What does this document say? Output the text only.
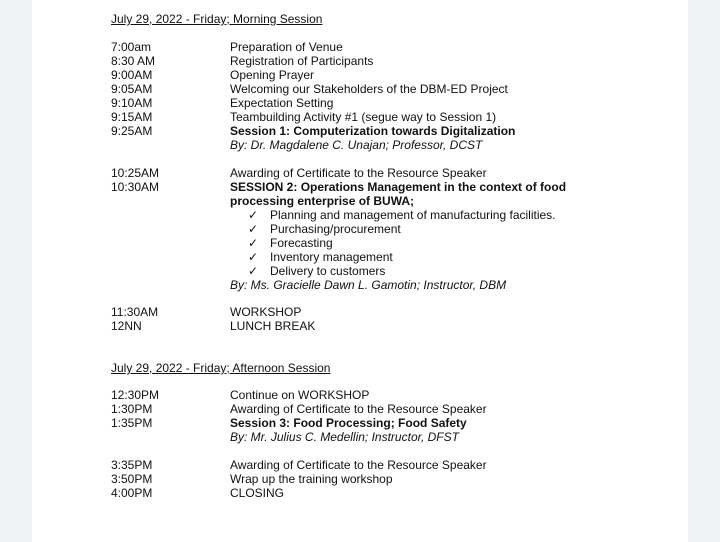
July 29, 2022 - Friday; Morning Session
7:00am	Preparation of Venue
8:30 AM	Registration of Participants
9:00AM	Opening Prayer
9:05AM	Welcoming our Stakeholders of the DBM-ED Project
9:10AM	Expectation Setting
9:15AM	Teambuilding Activity #1 (segue way to Session 1)
9:25AM	Session 1: Computerization towards Digitalization
By: Dr. Magdalene C. Unajan; Professor, DCST
10:25AM	Awarding of Certificate to the Resource Speaker
10:30AM	SESSION 2: Operations Management in the context of food
processing enterprise of BUWA;
✓ Planning and management of manufacturing facilities.
✓ Purchasing/procurement
✓ Forecasting
✓ Inventory management
✓ Delivery to customers
By: Ms. Gracielle Dawn L. Gamotin; Instructor, DBM
11:30AM	WORKSHOP
12NN	LUNCH BREAK
July 29, 2022 - Friday; Afternoon Session
12:30PM	Continue on WORKSHOP
1:30PM	Awarding of Certificate to the Resource Speaker
1:35PM	Session 3: Food Processing; Food Safety
By: Mr. Julius C. Medellin; Instructor, DFST
3:35PM	Awarding of Certificate to the Resource Speaker
3:50PM	Wrap up the training workshop
4:00PM	CLOSING
